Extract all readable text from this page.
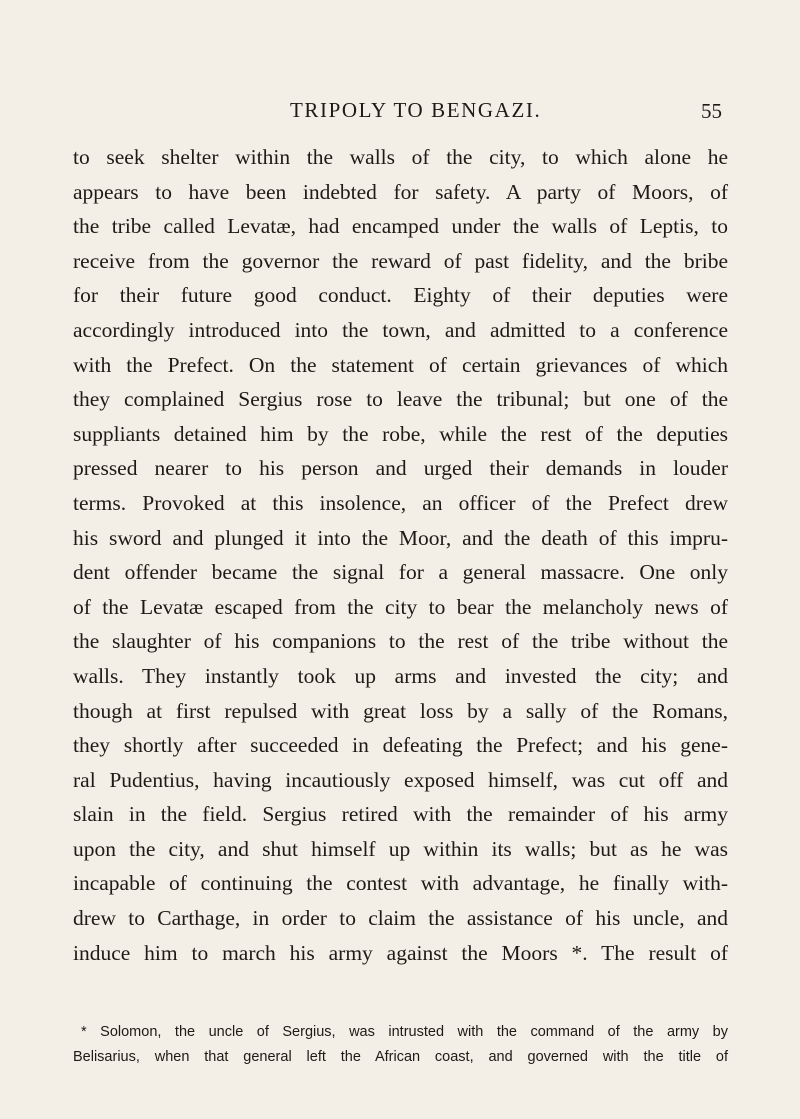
TRIPOLY TO BENGAZI.	55
to seek shelter within the walls of the city, to which alone he
appears to have been indebted for safety. A party of Moors, of
the tribe called Levatæ, had encamped under the walls of Leptis, to
receive from the governor the reward of past fidelity, and the bribe
for their future good conduct. Eighty of their deputies were
accordingly introduced into the town, and admitted to a conference
with the Prefect. On the statement of certain grievances of which
they complained Sergius rose to leave the tribunal; but one of the
suppliants detained him by the robe, while the rest of the deputies
pressed nearer to his person and urged their demands in louder
terms. Provoked at this insolence, an officer of the Prefect drew
his sword and plunged it into the Moor, and the death of this impru-
dent offender became the signal for a general massacre. One only
of the Levatæ escaped from the city to bear the melancholy news of
the slaughter of his companions to the rest of the tribe without the
walls. They instantly took up arms and invested the city; and
though at first repulsed with great loss by a sally of the Romans,
they shortly after succeeded in defeating the Prefect; and his gene-
ral Pudentius, having incautiously exposed himself, was cut off and
slain in the field. Sergius retired with the remainder of his army
upon the city, and shut himself up within its walls; but as he was
incapable of continuing the contest with advantage, he finally with-
drew to Carthage, in order to claim the assistance of his uncle, and
induce him to march his army against the Moors *. The result of
* Solomon, the uncle of Sergius, was intrusted with the command of the army by
Belisarius, when that general left the African coast, and governed with the title of
